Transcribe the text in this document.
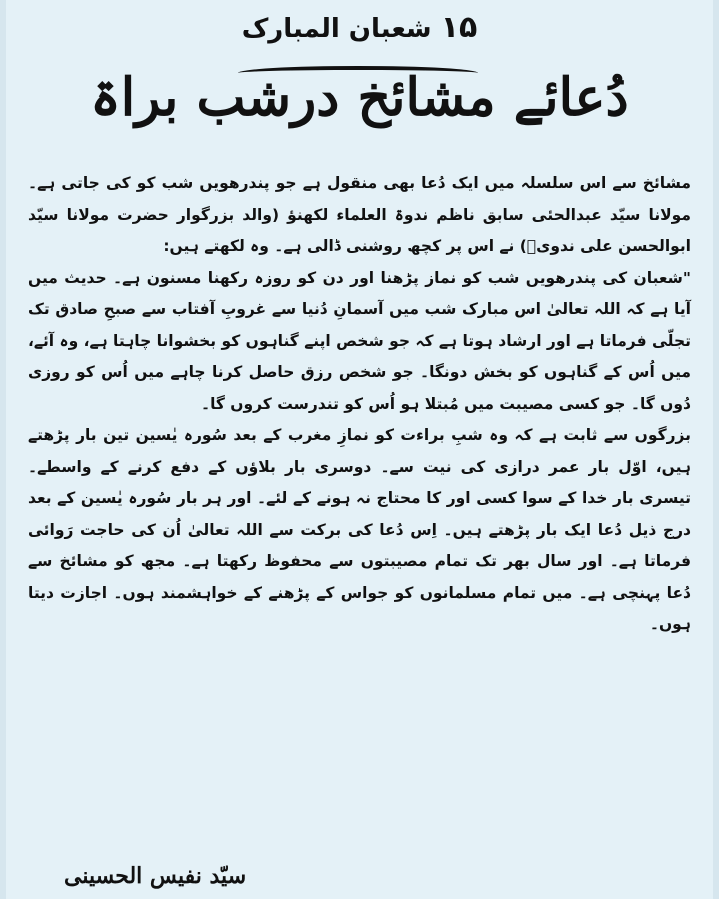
۱۵ شعبان المبارک
دُعائے مشائخ درشب براۃ

مشائخ سے اس سلسلہ میں ایک دُعا بھی منقول ہے جو پندرھویں شب کو کی جاتی ہے۔ مولانا سیّد عبدالحئی سابق ناظم ندوۃ العلماء لکھنؤ (والد بزرگوار حضرت مولانا سیّد ابوالحسن علی ندویؒ) نے اس پر کچھ روشنی ڈالی ہے۔ وہ لکھتے ہیں:

"شعبان کی پندرھویں شب کو نماز پڑھنا اور دن کو روزہ رکھنا مسنون ہے۔ حدیث میں آیا ہے کہ اللہ تعالیٰ اس مبارک شب میں آسمانِ دُنیا سے غروبِ آفتاب سے صبحِ صادق تک تجلّی فرماتا ہے اور ارشاد ہوتا ہے کہ جو شخص اپنے گناہوں کو بخشوانا چاہتا ہے، وہ آئے، میں اُس کے گناہوں کو بخش دونگا۔ جو شخص رزق حاصل کرنا چاہے میں اُس کو روزی دُوں گا۔ جو کسی مصیبت میں مُبتلا ہو اُس کو تندرست کروں گا۔

بزرگوں سے ثابت ہے کہ وہ شبِ براءت کو نمازِ مغرب کے بعد سُورہ یٰسین تین بار پڑھتے ہیں، اوّل بار عمر درازی کی نیت سے۔ دوسری بار بلاؤں کے دفع کرنے کے واسطے۔ تیسری بار خدا کے سوا کسی اور کا محتاج نہ ہونے کے لئے۔ اور ہر بار سُورہ یٰسین کے بعد درج ذیل دُعا ایک بار پڑھتے ہیں۔ اِس دُعا کی برکت سے اللہ تعالیٰ اُن کی حاجت رَوائی فرماتا ہے۔ اور سال بھر تک تمام مصیبتوں سے محفوظ رکھتا ہے۔ مجھ کو مشائخ سے دُعا پہنچی ہے۔ میں تمام مسلمانوں کو جواس کے پڑھنے کے خواہشمند ہوں۔ اجازت دیتا ہوں۔

سیّد نفیس الحسینی
